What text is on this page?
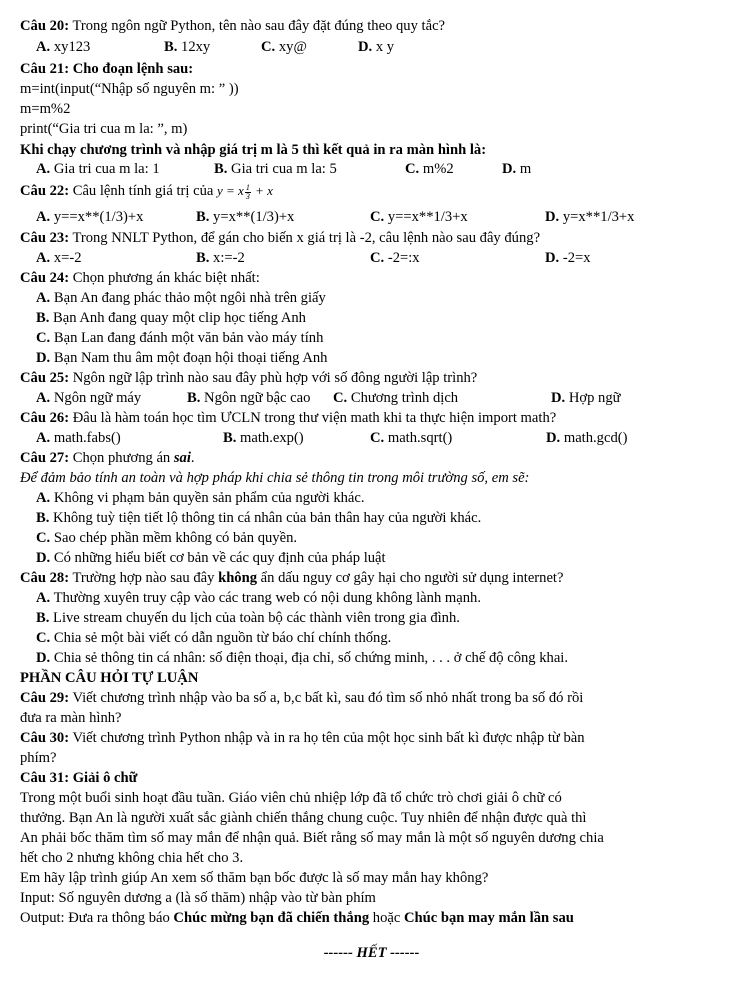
Câu 20: Trong ngôn ngữ Python, tên nào sau đây đặt đúng theo quy tắc?
A. xy123	B. 12xy	C. xy@	D. x y
Câu 21: Cho đoạn lệnh sau:
m=int(input(“Nhập số nguyên m: ” ))
m=m%2
print(“Gia tri cua m la: ”, m)
Khi chạy chương trình và nhập giá trị m là 5 thì kết quả in ra màn hình là:
A. Gia tri cua m la: 1	B. Gia tri cua m la: 5	C. m%2	D. m
Câu 22: Câu lệnh tính giá trị của y = x $\frac{1}{3} + x$
A. y==x**(1/3)+x	B. y=x**(1/3)+x	C. y==x**1/3+x	D. y=x**1/3+x
Câu 23: Trong NNLT Python, để gán cho biến x giá trị là -2, câu lệnh nào sau đây đúng?
A. x=-2	B. x:=-2	C. -2=:x	D. -2=x
Câu 24: Chọn phương án khác biệt nhất:
A. Bạn An đang phác thảo một ngôi nhà trên giấy
B. Bạn Anh đang quay một clip học tiếng Anh
C. Bạn Lan đang đánh một văn bản vào máy tính
D. Bạn Nam thu âm một đoạn hội thoại tiếng Anh
Câu 25: Ngôn ngữ lập trình nào sau đây phù hợp với số đông người lập trình?
A. Ngôn ngữ máy	B. Ngôn ngữ bậc cao C. Chương trình dịch	D. Hợp ngữ
Câu 26: Đâu là hàm toán học tìm ƯCLN trong thư viện math khi ta thực hiện import math?
A. math.fabs()	B. math.exp()	C. math.sqrt()	D. math.gcd()
Câu 27: Chọn phương án sai.
Để đảm bảo tính an toàn và hợp pháp khi chia sẻ thông tin trong môi trường số, em sẽ:
A. Không vi phạm bản quyền sản phẩm của người khác.
B. Không tuỳ tiện tiết lộ thông tin cá nhân của bản thân hay của người khác.
C. Sao chép phần mềm không có bản quyền.
D. Có những hiểu biết cơ bản về các quy định của pháp luật
Câu 28: Trường hợp nào sau đây không ẩn dấu nguy cơ gây hại cho người sử dụng internet?
A. Thường xuyên truy cập vào các trang web có nội dung không lành mạnh.
B. Live stream chuyến du lịch của toàn bộ các thành viên trong gia đình.
C. Chia sẻ một bài viết có dẫn nguồn từ báo chí chính thống.
D. Chia sẻ thông tin cá nhân: số điện thoại, địa chỉ, số chứng minh, . . . ở chế độ công khai.
PHẦN CÂU HỎI TỰ LUẬN
Câu 29: Viết chương trình nhập vào ba số a, b,c bất kì, sau đó tìm số nhỏ nhất trong ba số đó rồi
đưa ra màn hình?
Câu 30: Viết chương trình Python nhập và in ra họ tên của một học sinh bất kì được nhập từ bàn
phím?
Câu 31: Giải ô chữ
Trong một buổi sinh hoạt đầu tuần. Giáo viên chủ nhiệp lớp đã tổ chức trò chơi giải ô chữ có
thưởng. Bạn An là người xuất sắc giành chiến thắng chung cuộc. Tuy nhiên để nhận được quà thì
An phải bốc thăm tìm số may mắn để nhận quả. Biết rằng số may mắn là một số nguyên dương chia
hết cho 2 nhưng không chia hết cho 3.
Em hãy lập trình giúp An xem số thăm bạn bốc được là số may mắn hay không?
Input: Số nguyên dương a (là số thăm) nhập vào từ bàn phím
Output: Đưa ra thông báo Chúc mừng bạn đã chiến thắng hoặc Chúc bạn may mắn lần sau
------ HẾT ------
